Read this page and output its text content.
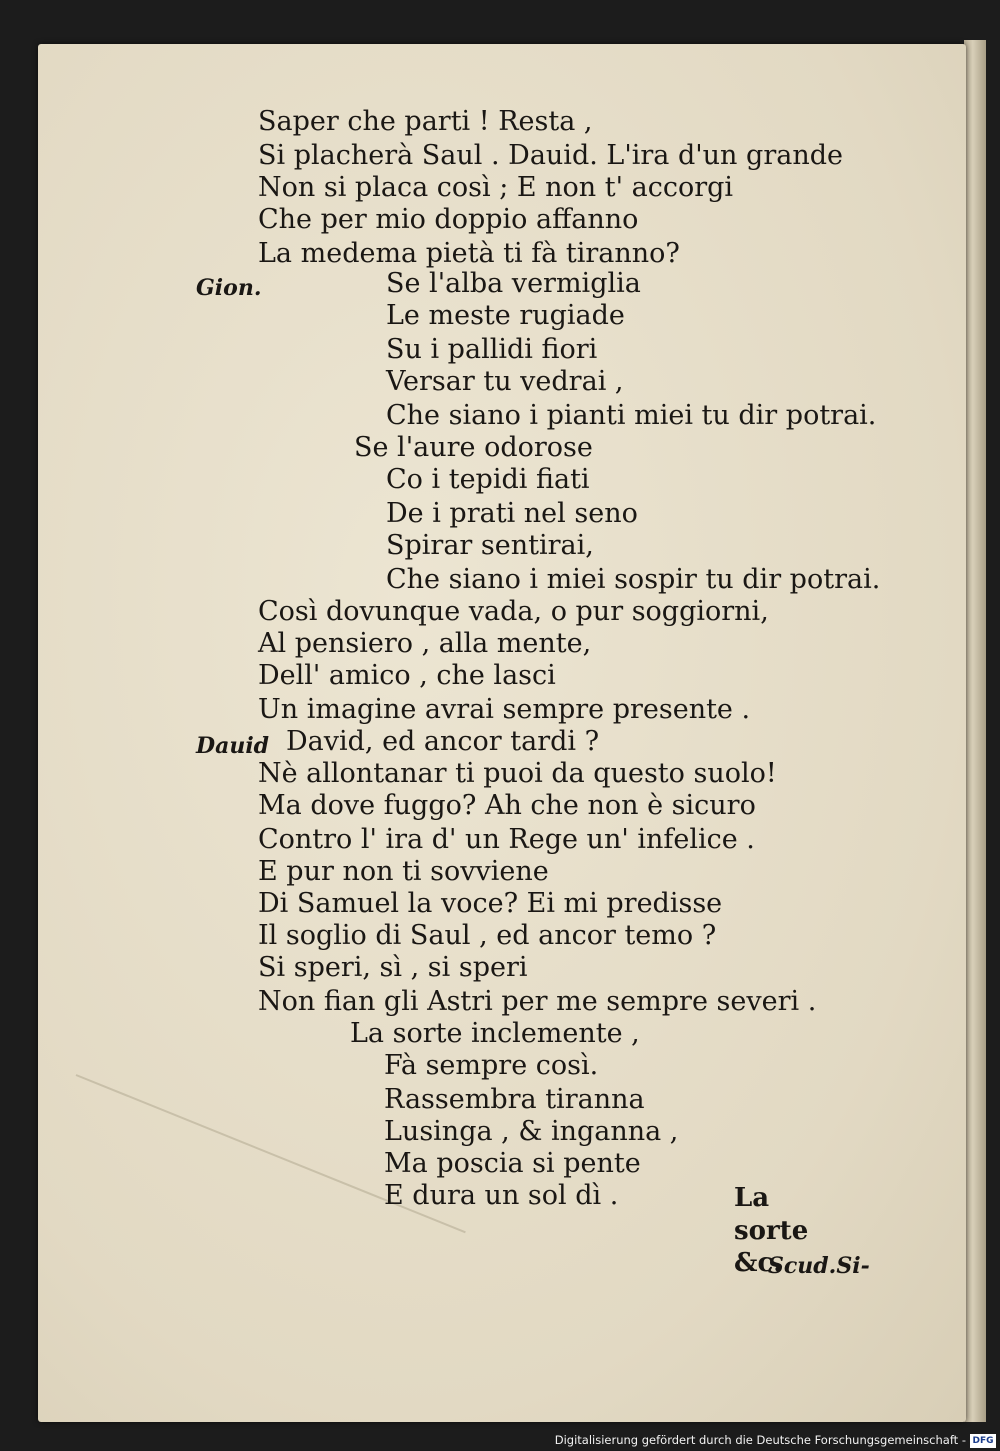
Saper che parti ! Resta ,
Si placherà Saul . Dauid. L'ira d'un grande
Non si placa così ; E non t' accorgi
Che per mio doppio affanno
La medema pietà ti fà tiranno?
Gion.	Se l'alba vermiglia
Le meste rugiade
Su i pallidi fiori
Versar tu vedrai ,
Che siano i pianti miei tu dir potrai.
Se l'aure odorose
Co i tepidi fiati
De i prati nel seno
Spirar sentirai,
Che siano i miei sospir tu dir potrai.
Così dovunque vada, o pur soggiorni,
Al pensiero , alla mente,
Dell' amico , che lasci
Un imagine avrai sempre presente .
Dauid David, ed ancor tardi ?
Nè allontanar ti puoi da questo suolo!
Ma dove fuggo? Ah che non è sicuro
Contro l' ira d' un Rege un' infelice .
E pur non ti sovviene
Di Samuel la voce? Ei mi predisse
Il soglio di Saul , ed ancor temo ?
Si speri, sì , si speri
Non fian gli Astri per me sempre severi .
La sorte inclemente ,
Fà sempre così.
Rassembra tiranna
Lusinga , & inganna ,
Ma poscia si pente
E dura un sol dì .	La sorte &c.
Scud.Si-
Digitalisierung gefördert durch die Deutsche Forschungsgemeinschaft - DFG
